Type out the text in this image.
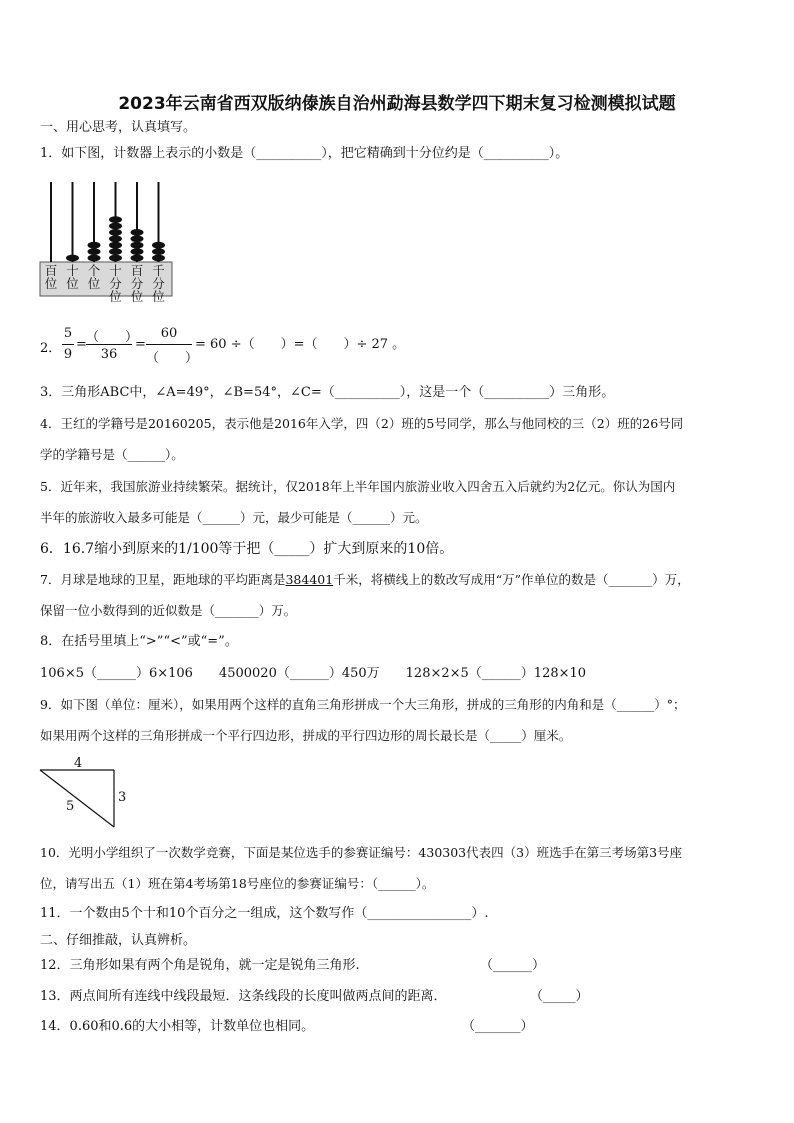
2023年云南省西双版纳傣族自治州勐海县数学四下期末复习检测模拟试题
一、用心思考，认真填写。
1．如下图，计数器上表示的小数是（__________），把它精确到十分位约是（__________）。
百
位
十
位
个
位
十
分
位
百
分
位
千
分
位
2．
5
9
= （　　）
36
=
60
（　　）
= 60 ÷（　　）=（　　）÷ 27 。
3．三角形ABC中，∠A=49°，∠B=54°，∠C=（__________），这是一个（__________）三角形。
4．王红的学籍号是20160205，表示他是2016年入学，四（2）班的5号同学，那么与他同校的三（2）班的26号同
学的学籍号是（______）。
5．近年来，我国旅游业持续繁荣。据统计，仅2018年上半年国内旅游业收入四舍五入后就约为2亿元。你认为国内
半年的旅游收入最多可能是（______）元，最少可能是（______）元。
6．16.7缩小到原来的1/100等于把（_____）扩大到原来的10倍。
7．月球是地球的卫星，距地球的平均距离是384401千米，将横线上的数改写成用“万”作单位的数是（_______）万，
保留一位小数得到的近似数是（_______）万。
8．在括号里填上“>”“<”或“=”。
106×5（______）6×106　　4500020（______）450万　　128×2×5（______）128×10
9．如下图（单位：厘米），如果用两个这样的直角三角形拼成一个大三角形，拼成的三角形的内角和是（______）°；
如果用两个这样的三角形拼成一个平行四边形，拼成的平行四边形的周长最长是（_____）厘米。
4
5
3
10．光明小学组织了一次数学竞赛，下面是某位选手的参赛证编号：430303代表四（3）班选手在第三考场第3号座
位，请写出五（1）班在第4考场第18号座位的参赛证编号：（______）。
11．一个数由5个十和10个百分之一组成，这个数写作（________________）.
二、仔细推敲，认真辨析。
12．三角形如果有两个角是锐角，就一定是锐角三角形.	（______）
13．两点间所有连线中线段最短．这条线段的长度叫做两点间的距离．	（_____）
14．0.60和0.6的大小相等，计数单位也相同。	（_______）
